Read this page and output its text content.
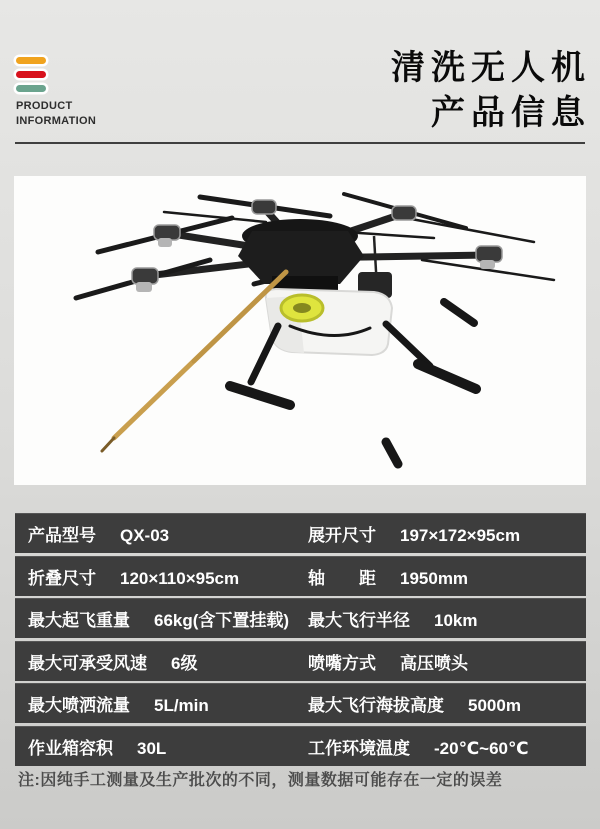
PRODUCT
INFORMATION
清洗无人机
产品信息
产品型号 QX-03	展开尺寸 197×172×95cm
折叠尺寸 120×110×95cm	轴　　距 1950mm
最大起飞重量 66kg(含下置挂载) 最大飞行半径 10km
最大可承受风速 6级	喷嘴方式 高压喷头
最大喷洒流量 5L/min	最大飞行海拔高度 5000m
作业箱容积 30L	工作环境温度 -20℃~60℃
注:因纯手工测量及生产批次的不同，测量数据可能存在一定的误差
